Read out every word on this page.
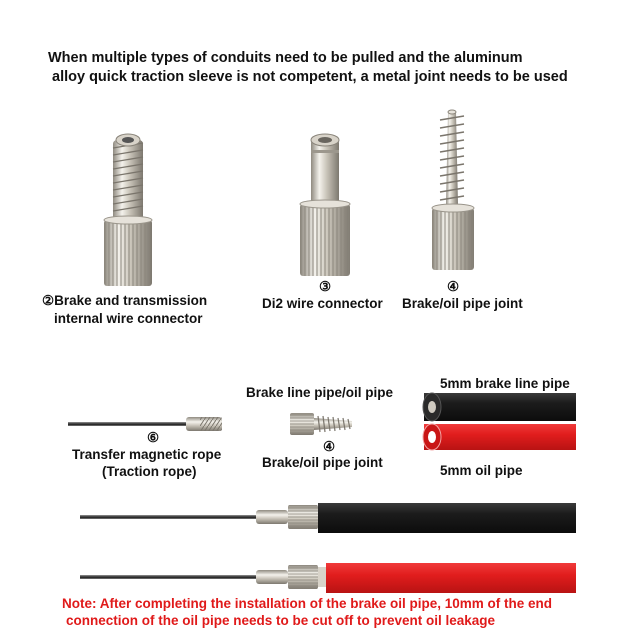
When multiple types of conduits need to be pulled and the aluminum
alloy quick traction sleeve is not competent, a metal joint needs to be used
②Brake and transmission
internal wire connector
③
Di2 wire connector
④
Brake/oil pipe joint
Brake line pipe/oil pipe
④
Brake/oil pipe joint
⑥
Transfer magnetic rope
(Traction rope)
5mm brake line pipe
5mm oil pipe
Note: After completing the installation of the brake oil pipe, 10mm of the end
connection of the oil pipe needs to be cut off to prevent oil leakage
